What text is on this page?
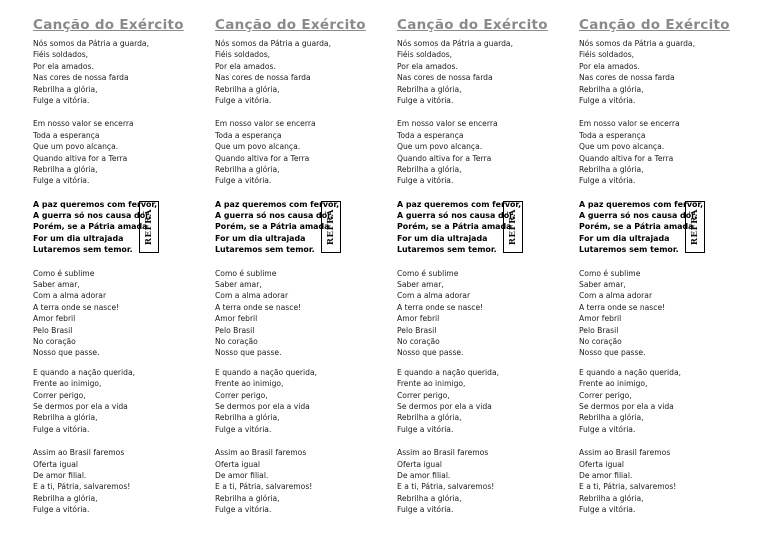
Canção do Exército
Nós somos da Pátria a guarda,
Fiéis soldados,
Por ela amados.
Nas cores de nossa farda
Rebrilha a glória,
Fulge a vitória.
Em nosso valor se encerra
Toda a esperança
Que um povo alcança.
Quando altiva for a Terra
Rebrilha a glória,
Fulge a vitória.
A paz queremos com fervor,
A guerra só nos causa dor.
Porém, se a Pátria amada
For um dia ultrajada
Lutaremos sem temor.
REFRÃ
Como é sublime
Saber amar,
Com a alma adorar
A terra onde se nasce!
Amor febril
Pelo Brasil
No coração
Nosso que passe.
E quando a nação querida,
Frente ao inimigo,
Correr perigo,
Se dermos por ela a vida
Rebrilha a glória,
Fulge a vitória.
Assim ao Brasil faremos
Oferta igual
De amor filial.
E a ti, Pátria, salvaremos!
Rebrilha a glória,
Fulge a vitória.
Canção do Exército
Nós somos da Pátria a guarda,
Fiéis soldados,
Por ela amados.
Nas cores de nossa farda
Rebrilha a glória,
Fulge a vitória.
Em nosso valor se encerra
Toda a esperança
Que um povo alcança.
Quando altiva for a Terra
Rebrilha a glória,
Fulge a vitória.
A paz queremos com fervor,
A guerra só nos causa dor.
Porém, se a Pátria amada
For um dia ultrajada
Lutaremos sem temor.
REFRÃ
Como é sublime
Saber amar,
Com a alma adorar
A terra onde se nasce!
Amor febril
Pelo Brasil
No coração
Nosso que passe.
E quando a nação querida,
Frente ao inimigo,
Correr perigo,
Se dermos por ela a vida
Rebrilha a glória,
Fulge a vitória.
Assim ao Brasil faremos
Oferta igual
De amor filial.
E a ti, Pátria, salvaremos!
Rebrilha a glória,
Fulge a vitória.
Canção do Exército
Nós somos da Pátria a guarda,
Fiéis soldados,
Por ela amados.
Nas cores de nossa farda
Rebrilha a glória,
Fulge a vitória.
Em nosso valor se encerra
Toda a esperança
Que um povo alcança.
Quando altiva for a Terra
Rebrilha a glória,
Fulge a vitória.
A paz queremos com fervor,
A guerra só nos causa dor.
Porém, se a Pátria amada
For um dia ultrajada
Lutaremos sem temor.
REFRÃ
Como é sublime
Saber amar,
Com a alma adorar
A terra onde se nasce!
Amor febril
Pelo Brasil
No coração
Nosso que passe.
E quando a nação querida,
Frente ao inimigo,
Correr perigo,
Se dermos por ela a vida
Rebrilha a glória,
Fulge a vitória.
Assim ao Brasil faremos
Oferta igual
De amor filial.
E a ti, Pátria, salvaremos!
Rebrilha a glória,
Fulge a vitória.
Canção do Exército
Nós somos da Pátria a guarda,
Fiéis soldados,
Por ela amados.
Nas cores de nossa farda
Rebrilha a glória,
Fulge a vitória.
Em nosso valor se encerra
Toda a esperança
Que um povo alcança.
Quando altiva for a Terra
Rebrilha a glória,
Fulge a vitória.
A paz queremos com fervor,
A guerra só nos causa dor.
Porém, se a Pátria amada
For um dia ultrajada
Lutaremos sem temor.
REFRÃ
Como é sublime
Saber amar,
Com a alma adorar
A terra onde se nasce!
Amor febril
Pelo Brasil
No coração
Nosso que passe.
E quando a nação querida,
Frente ao inimigo,
Correr perigo,
Se dermos por ela a vida
Rebrilha a glória,
Fulge a vitória.
Assim ao Brasil faremos
Oferta igual
De amor filial.
E a ti, Pátria, salvaremos!
Rebrilha a glória,
Fulge a vitória.
